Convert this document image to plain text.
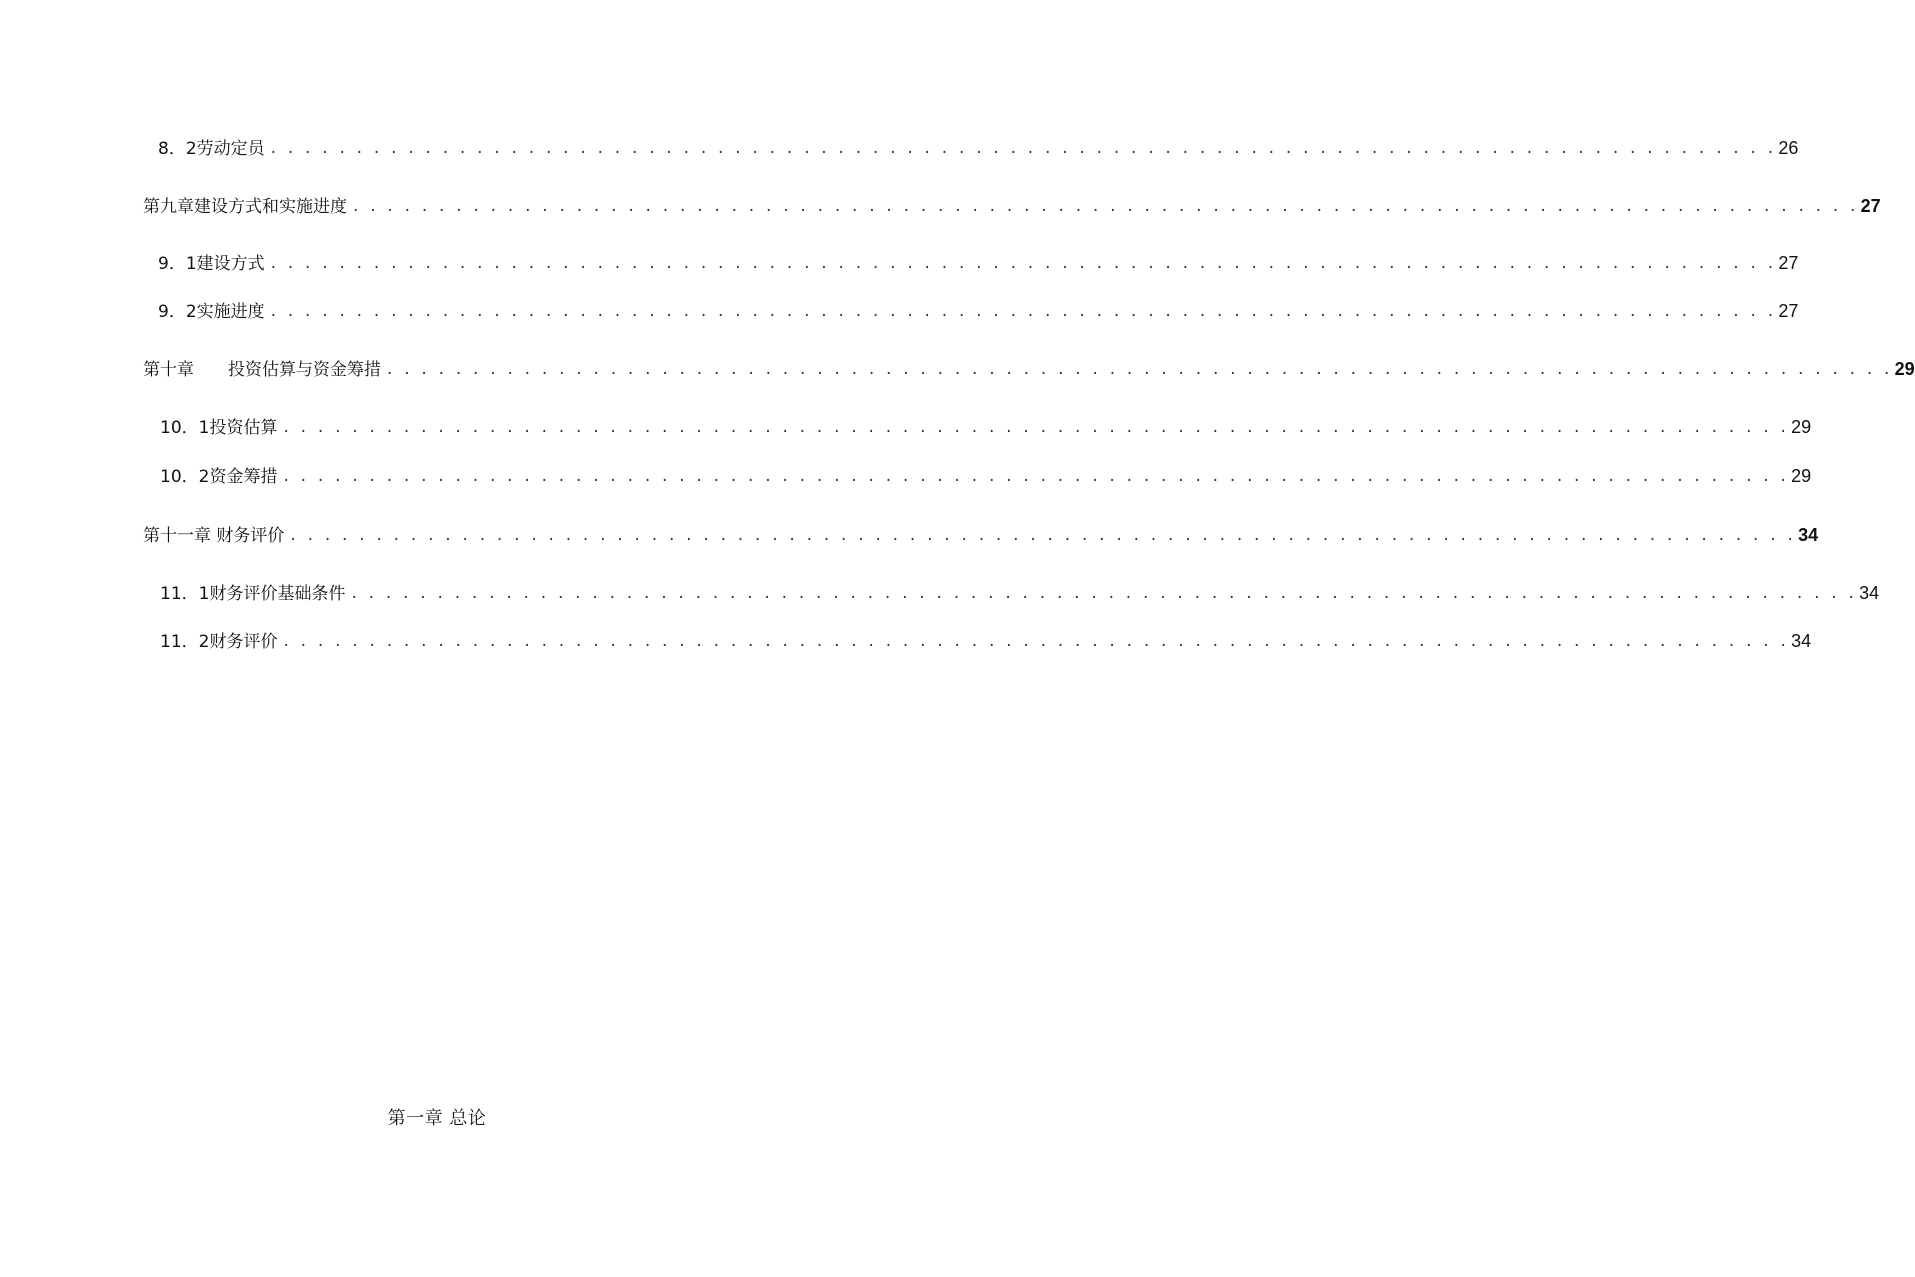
8．2劳动定员 . . . . . . . . . . . . . . . . . . . . . . . . . . . . . . . . . . . . . . . . . . . . . . . . . . . . . . . . . . . . . . . . . . . . . . . . . . . . . . . . . . . . . . . . 26
第九章建设方式和实施进度 . . . . . . . . . . . . . . . . . . . . . . . . . . . . . . . . . . . . . . . . . . . . . . . . . . . . . . . . . . . . . . . . . . . . . . . . . . . . . . . . . . . . . . . . 27
9．1建设方式 . . . . . . . . . . . . . . . . . . . . . . . . . . . . . . . . . . . . . . . . . . . . . . . . . . . . . . . . . . . . . . . . . . . . . . . . . . . . . . . . . . . . . . . . 27
9．2实施进度 . . . . . . . . . . . . . . . . . . . . . . . . . . . . . . . . . . . . . . . . . . . . . . . . . . . . . . . . . . . . . . . . . . . . . . . . . . . . . . . . . . . . . . . . 27
第十章　　投资估算与资金筹措 . . . . . . . . . . . . . . . . . . . . . . . . . . . . . . . . . . . . . . . . . . . . . . . . . . . . . . . . . . . . . . . . . . . . . . . . . . . . . . . . . . . . . . . . 29
10．1投资估算 . . . . . . . . . . . . . . . . . . . . . . . . . . . . . . . . . . . . . . . . . . . . . . . . . . . . . . . . . . . . . . . . . . . . . . . . . . . . . . . . . . . . . . . . 29
10．2资金筹措 . . . . . . . . . . . . . . . . . . . . . . . . . . . . . . . . . . . . . . . . . . . . . . . . . . . . . . . . . . . . . . . . . . . . . . . . . . . . . . . . . . . . . . . . 29
第十一章 财务评价 . . . . . . . . . . . . . . . . . . . . . . . . . . . . . . . . . . . . . . . . . . . . . . . . . . . . . . . . . . . . . . . . . . . . . . . . . . . . . . . . . . . . . . . . 34
11．1财务评价基础条件 . . . . . . . . . . . . . . . . . . . . . . . . . . . . . . . . . . . . . . . . . . . . . . . . . . . . . . . . . . . . . . . . . . . . . . . . . . . . . . . . . . . . . . . . 34
11．2财务评价 . . . . . . . . . . . . . . . . . . . . . . . . . . . . . . . . . . . . . . . . . . . . . . . . . . . . . . . . . . . . . . . . . . . . . . . . . . . . . . . . . . . . . . . . 34
第一章 总论
